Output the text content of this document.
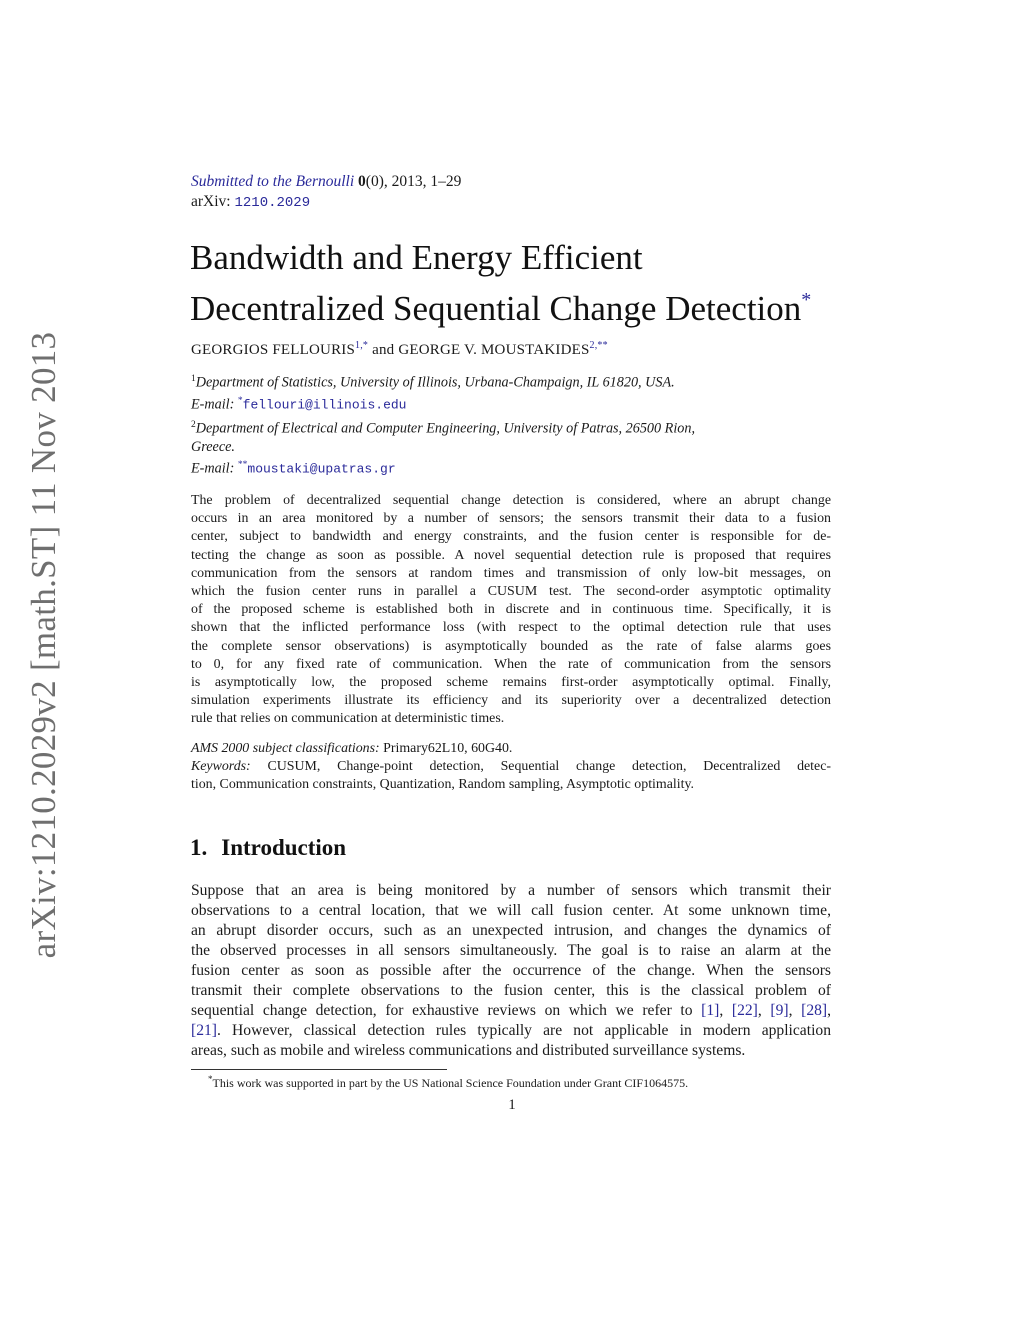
arXiv:1210.2029v2 [math.ST] 11 Nov 2013
Submitted to the Bernoulli 0(0), 2013, 1–29
arXiv: 1210.2029
Bandwidth and Energy Efficient
Decentralized Sequential Change Detection*
GEORGIOS $FELLOURIS^{1,*}$ and GEORGE V. $MOUSTAKIDES^{2,**}$
$^1$Department of Statistics, University of Illinois, Urbana-Champaign, IL 61820, USA.
E-mail: *fellouri@illinois.edu
$^2$Department of Electrical and Computer Engineering, University of Patras, 26500 Rion,
Greece.
E-mail: **moustaki@upatras.gr
The problem of decentralized sequential change detection is considered, where an abrupt change
occurs in an area monitored by a number of sensors; the sensors transmit their data to a fusion
center, subject to bandwidth and energy constraints, and the fusion center is responsible for de-
tecting the change as soon as possible. A novel sequential detection rule is proposed that requires
communication from the sensors at random times and transmission of only low-bit messages, on
which the fusion center runs in parallel a CUSUM test. The second-order asymptotic optimality
of the proposed scheme is established both in discrete and in continuous time. Specifically, it is
shown that the inflicted performance loss (with respect to the optimal detection rule that uses
the complete sensor observations) is asymptotically bounded as the rate of false alarms goes
to 0, for any fixed rate of communication. When the rate of communication from the sensors
is asymptotically low, the proposed scheme remains first-order asymptotically optimal. Finally,
simulation experiments illustrate its efficiency and its superiority over a decentralized detection
rule that relies on communication at deterministic times.
AMS 2000 subject classifications: Primary62L10, 60G40.
Keywords: CUSUM, Change-point detection, Sequential change detection, Decentralized detec-
tion, Communication constraints, Quantization, Random sampling, Asymptotic optimality.
1. Introduction
Suppose that an area is being monitored by a number of sensors which transmit their
observations to a central location, that we will call fusion center. At some unknown time,
an abrupt disorder occurs, such as an unexpected intrusion, and changes the dynamics of
the observed processes in all sensors simultaneously. The goal is to raise an alarm at the
fusion center as soon as possible after the occurrence of the change. When the sensors
transmit their complete observations to the fusion center, this is the classical problem of
sequential change detection, for exhaustive reviews on which we refer to [1], [22], [9], [28],
[21]. However, classical detection rules typically are not applicable in modern application
areas, such as mobile and wireless communications and distributed surveillance systems.
*This work was supported in part by the US National Science Foundation under Grant CIF1064575.
1
